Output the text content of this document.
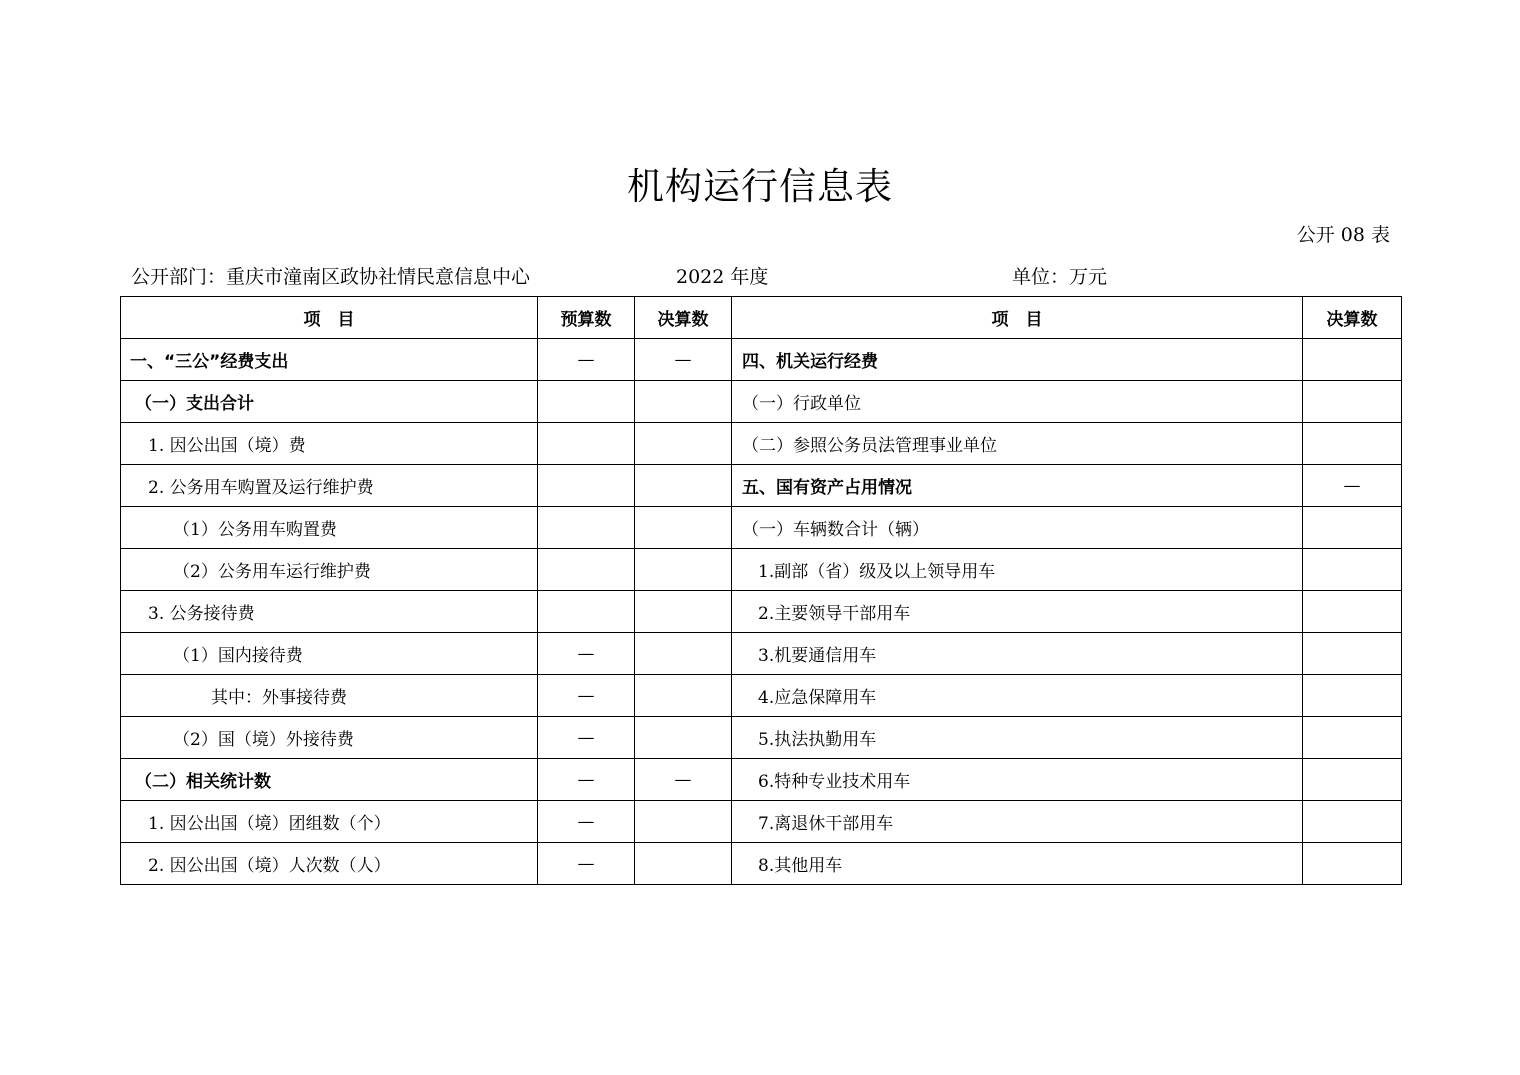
机构运行信息表
公开 08 表
公开部门：重庆市潼南区政协社情民意信息中心	2022 年度	单位：万元
项　目	预算数	决算数	项　目	决算数
一、“三公”经费支出	—	—	四、机关运行经费	
（一）支出合计			（一）行政单位	
1. 因公出国（境）费			（二）参照公务员法管理事业单位	
2. 公务用车购置及运行维护费			五、国有资产占用情况	—
（1）公务用车购置费			（一）车辆数合计（辆）	
（2）公务用车运行维护费			1.副部（省）级及以上领导用车	
3. 公务接待费			2.主要领导干部用车	
（1）国内接待费	—		3.机要通信用车	
其中：外事接待费	—		4.应急保障用车	
（2）国（境）外接待费	—		5.执法执勤用车	
（二）相关统计数	—	—	6.特种专业技术用车	
1. 因公出国（境）团组数（个）	—		7.离退休干部用车	
2. 因公出国（境）人次数（人）	—		8.其他用车	
